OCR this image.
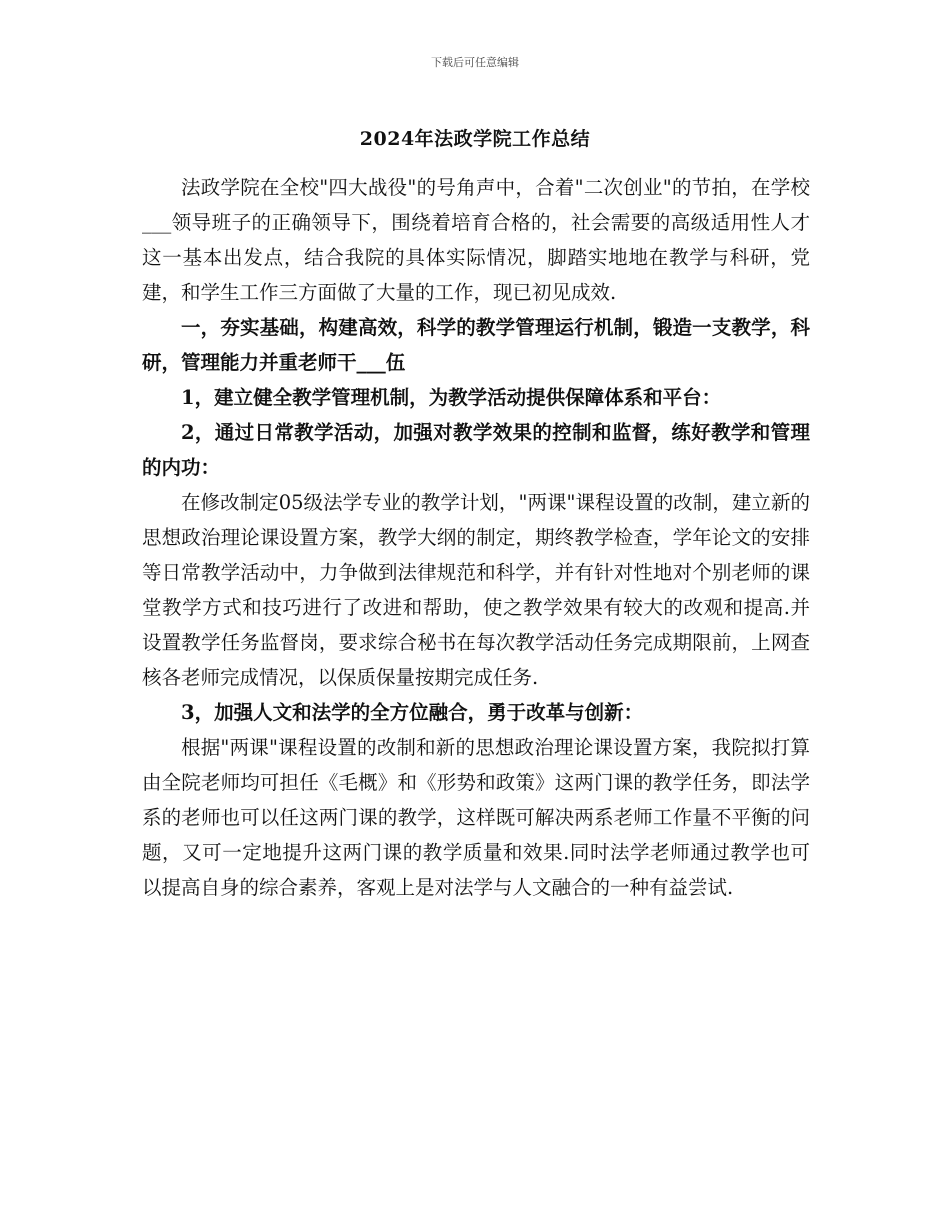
下载后可任意编辑
2024年法政学院工作总结

法政学院在全校"四大战役"的号角声中，合着"二次创业"的节拍，在学校___领导班子的正确领导下，围绕着培育合格的，社会需要的高级适用性人才这一基本出发点，结合我院的具体实际情况，脚踏实地地在教学与科研，党建，和学生工作三方面做了大量的工作，现已初见成效.

一，夯实基础，构建高效，科学的教学管理运行机制，锻造一支教学，科研，管理能力并重老师干___伍

1，建立健全教学管理机制，为教学活动提供保障体系和平台：

2，通过日常教学活动，加强对教学效果的控制和监督，练好教学和管理的内功：

在修改制定05级法学专业的教学计划，"两课"课程设置的改制，建立新的思想政治理论课设置方案，教学大纲的制定，期终教学检查，学年论文的安排等日常教学活动中，力争做到法律规范和科学，并有针对性地对个别老师的课堂教学方式和技巧进行了改进和帮助，使之教学效果有较大的改观和提高.并设置教学任务监督岗，要求综合秘书在每次教学活动任务完成期限前，上网查核各老师完成情况，以保质保量按期完成任务.

3，加强人文和法学的全方位融合，勇于改革与创新：

根据"两课"课程设置的改制和新的思想政治理论课设置方案，我院拟打算由全院老师均可担任《毛概》和《形势和政策》这两门课的教学任务，即法学系的老师也可以任这两门课的教学，这样既可解决两系老师工作量不平衡的问题，又可一定地提升这两门课的教学质量和效果.同时法学老师通过教学也可以提高自身的综合素养，客观上是对法学与人文融合的一种有益尝试.
